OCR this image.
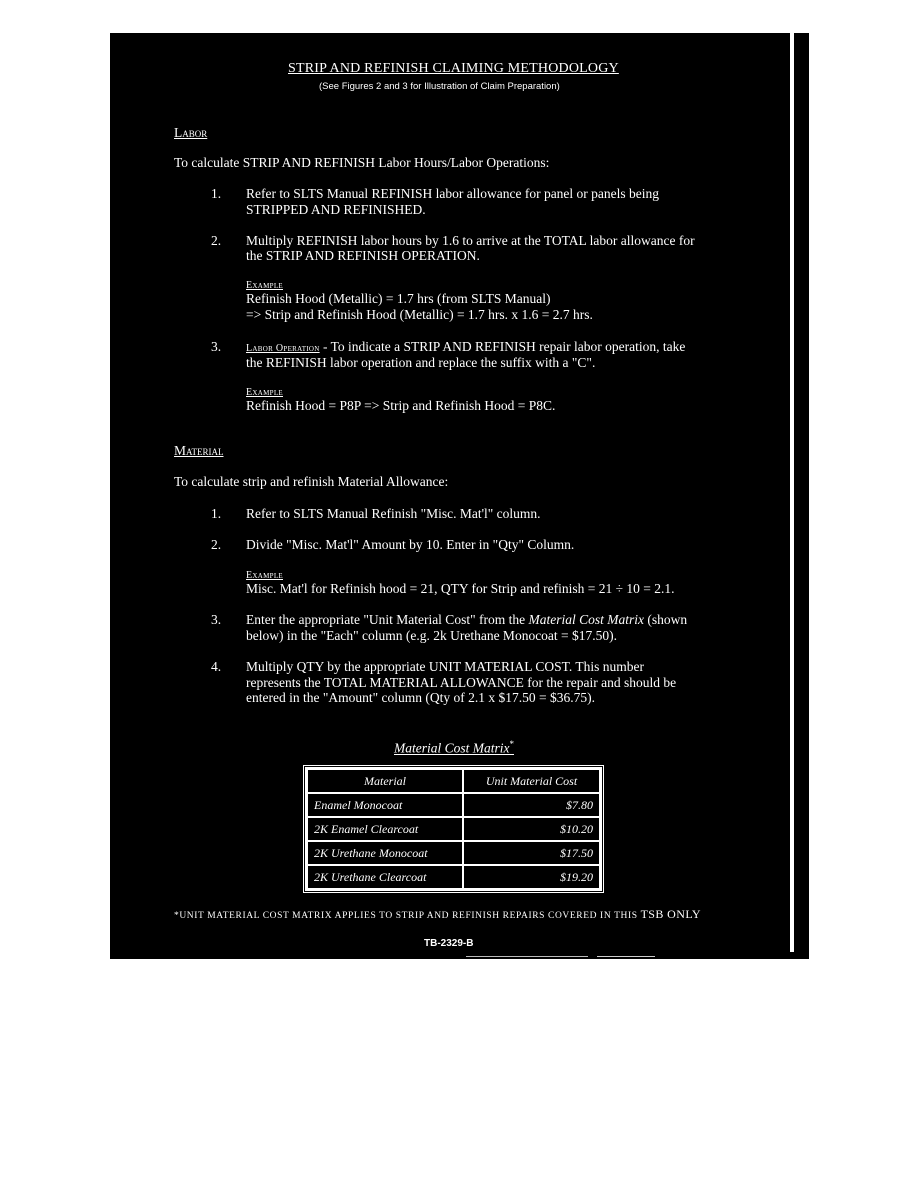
STRIP AND REFINISH CLAIMING METHODOLOGY
(See Figures 2 and 3 for Illustration of Claim Preparation)
Labor
To calculate STRIP AND REFINISH Labor Hours/Labor Operations:
1.	Refer to SLTS Manual REFINISH labor allowance for panel or panels being
STRIPPED AND REFINISHED.
2.	Multiply REFINISH labor hours by 1.6 to arrive at the TOTAL labor allowance for
the STRIP AND REFINISH OPERATION.
Example
Refinish Hood (Metallic) = 1.7 hrs (from SLTS Manual)
=> Strip and Refinish Hood (Metallic) = 1.7 hrs. x 1.6 = 2.7 hrs.
3.	Labor Operation - To indicate a STRIP AND REFINISH repair labor operation, take
the REFINISH labor operation and replace the suffix with a "C".
Example
Refinish Hood = P8P => Strip and Refinish Hood = P8C.
Material
To calculate strip and refinish Material Allowance:
1.	Refer to SLTS Manual Refinish "Misc. Mat'l" column.
2.	Divide "Misc. Mat'l" Amount by 10. Enter in "Qty" Column.
Example
Misc. Mat'l for Refinish hood = 21, QTY for Strip and refinish = 21 ÷ 10 = 2.1.
3.	Enter the appropriate "Unit Material Cost" from the Material Cost Matrix (shown
below) in the "Each" column (e.g. 2k Urethane Monocoat = $17.50).
4.	Multiply QTY by the appropriate UNIT MATERIAL COST. This number
represents the TOTAL MATERIAL ALLOWANCE for the repair and should be
entered in the "Amount" column (Qty of 2.1 x $17.50 = $36.75).
Material Cost Matrix*
Material	Unit Material Cost
Enamel Monocoat	$7.80
2K Enamel Clearcoat	$10.20
2K Urethane Monocoat	$17.50
2K Urethane Clearcoat	$19.20
*UNIT MATERIAL COST MATRIX APPLIES TO STRIP AND REFINISH REPAIRS COVERED IN THIS TSB ONLY
TB-2329-B
